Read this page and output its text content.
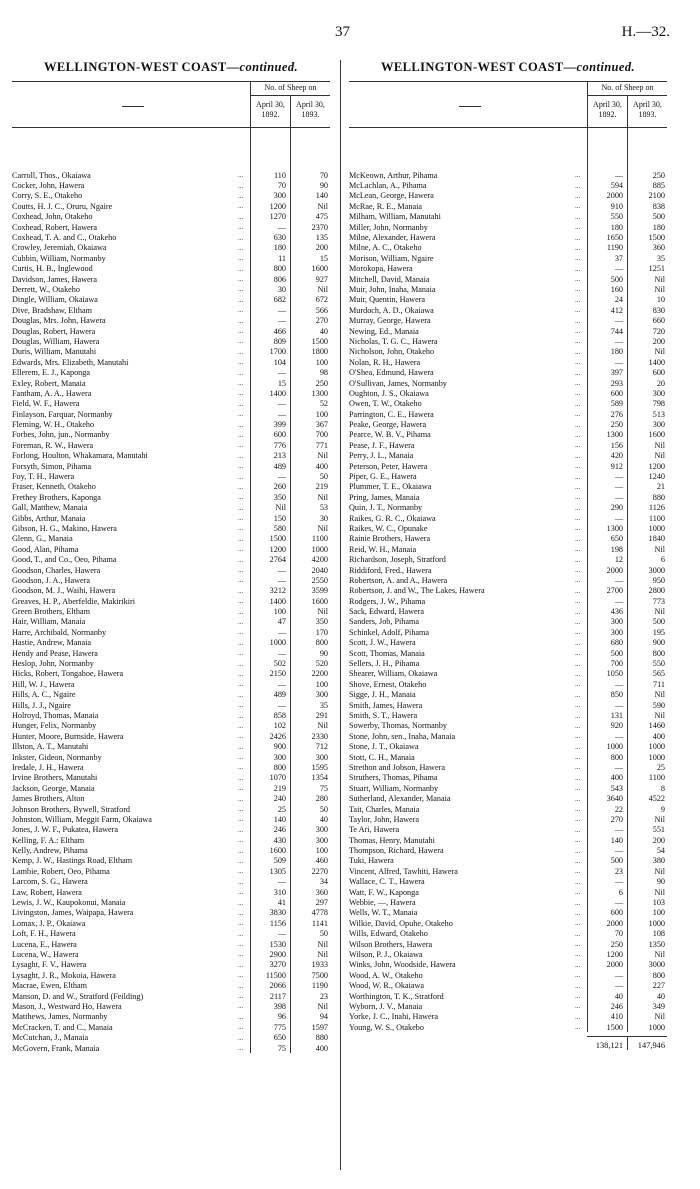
37	H.—32.
WELLINGTON-WEST COAST—continued.
No. of Sheep on
April 30, 1892.
April 30, 1893.
Carroll, Thos., Okaiawa	...	110	70
Cocker, John, Hawera	...	70	90
Corry, S. E., Otakeho	...	300	140
Coutts, H. J. C., Oruru, Ngaire	...	1200	Nil
Coxhead, John, Otakeho	...	1270	475
Coxhead, Robert, Hawera	...	—	2370
Coxhead, T. A. and C., Otakeho	...	630	135
Crowley, Jeremiah, Okaiawa	...	180	200
Cubbin, William, Normanby	...	11	15
Curtis, H. B., Inglewood	...	800	1600
Davidson, James, Hawera	...	806	927
Derrett, W., Otakeho	...	30	Nil
Dingle, William, Okaiawa	...	682	672
Dive, Bradshaw, Eltham	...	—	566
Douglas, Mrs. John, Hawera	...	—	270
Douglas, Robert, Hawera	...	466	40
Douglas, William, Hawera	...	809	1500
Duris, William, Manutahi	...	1700	1800
Edwards, Mrs. Elizabeth, Manutahi	...	104	100
Ellerem, E. J., Kaponga	...	—	98
Exley, Robert, Manaia	...	15	250
Fantham, A. A., Hawera	...	1400	1300
Field, W. F., Hawera	...	—	52
Finlayson, Farquar, Normanby	...	—	100
Fleming, W. H., Otakeho	...	399	367
Forbes, John, jun., Normanby	...	600	700
Foreman, R. W., Hawera	...	776	771
Forlong, Houlton, Whakamara, Manutahi	...	213	Nil
Forsyth, Simon, Pihama	...	489	400
Foy, T. H., Hawera	...	—	50
Fraser, Kenneth, Otakeho	...	260	219
Frethey Brothers, Kaponga	...	350	Nil
Gall, Matthew, Manaia	...	Nil	53
Gibbs, Arthur, Manaia	...	150	30
Gibson, H. G., Makino, Hawera	...	580	Nil
Glenn, G., Manaia	...	1500	1100
Good, Alan, Pihama	...	1200	1000
Good, T., and Co., Oeo, Pihama	...	2764	4200
Goodson, Charles, Hawera	...	—	2040
Goodson, J. A., Hawera	...	—	2550
Goodson, M. J., Waihi, Hawera	...	3212	3599
Greaves, H. P., Aberfeldie, Makirikiri	...	1400	1600
Green Brothers, Eltham	...	100	Nil
Hair, William, Manaia	...	47	350
Harre, Archibald, Normanby	...	—	170
Hastie, Andrew, Manaia	...	1000	800
Hendy and Pease, Hawera	...	—	90
Heslop, John, Normanby	...	502	520
Hicks, Robert, Tongahoe, Hawera	...	2150	2200
Hill, W. J., Hawera	...	—	100
Hills, A. C., Ngaire	...	489	300
Hills, J. J., Ngaire	...	—	35
Holroyd, Thomas, Manaia	...	858	291
Hunger, Felix, Normanby	...	102	Nil
Hunter, Moore, Burnside, Hawera	...	2426	2330
Illston, A. T., Manutahi	...	900	712
Inkster, Gideon, Normanby	...	300	300
Iredale, J. H., Hawera	...	800	1595
Irvine Brothers, Manutahi	...	1070	1354
Jackson, George, Manaia	...	219	75
James Brothers, Alton	...	240	280
Johnson Brothers, Bywell, Stratford	...	25	50
Johnston, William, Meggit Farm, Okaiawa	...	140	40
Jones, J. W. F., Pukatea, Hawera	...	246	300
Kelling, F. A.: Eltham	...	430	300
Kelly, Andrew, Pihama	...	1600	100
Kemp, J. W., Hastings Road, Eltham	...	509	460
Lambie, Robert, Oeo, Pihama	...	1305	2270
Larcom, S. G., Hawera	...	—	34
Law, Robert, Hawera	...	310	360
Lewis, J. W., Kaupokonui, Manaia	...	41	297
Livingston, James, Waipapa, Hawera	...	3830	4778
Lomax, J. P., Okaiawa	...	1156	1141
Loft, F. H., Hawera	...	—	50
Lucena, E., Hawera	...	1530	Nil
Lucena, W., Hawera	...	2900	Nil
Lysaght, F. V., Hawera	...	3270	1933
Lysaght, J. R., Mokoia, Hawera	...	11500	7500
Macrae, Ewen, Eltham	...	2066	1190
Manson, D. and W., Stratford (Feilding)	...	2117	23
Mason, J., Westward Ho, Hawera	...	398	Nil
Matthews, James, Normanby	...	96	94
McCracken, T. and C., Manaia	...	775	1597
McCutchan, J., Manaia	...	650	880
McGovern, Frank, Manaia	...	75	400
WELLINGTON-WEST COAST—continued.
No. of Sheep on
April 30, 1892.
April 30, 1893.
McKeown, Arthur, Pihama	...	—	250
McLachlan, A., Pihama	...	594	885
McLean, George, Hawera	...	2000	2100
McRae, R. E., Manaia	...	910	838
Milham, William, Manutahi	...	550	500
Miller, John, Normanby	...	180	180
Milne, Alexander, Hawera	...	1650	1500
Milne, A. C., Otakeho	...	1190	360
Morison, William, Ngaire	...	37	35
Morokopa, Hawera	...	—	1251
Mitchell, David, Manaia	...	500	Nil
Muir, John, Inaha, Manaia	...	160	Nil
Muir, Quentin, Hawera	...	24	10
Murdoch, A. D., Okaiawa	...	412	830
Murray, George, Hawera	...	—	660
Newing, Ed., Manaia	...	744	720
Nicholas, T. G. C., Hawera	...	—	200
Nicholson, John, Otakeho	...	180	Nil
Nolan, R. H., Hawera	...	—	1400
O'Shea, Edmund, Hawera	...	397	600
O'Sullivan, James, Normanby	...	293	20
Oughton, J. S., Okaiawa	...	600	300
Owen, T. W., Otakeho	...	589	798
Parrington, C. E., Hawera	...	276	513
Peake, George, Hawera	...	250	300
Pearce, W. B. V., Pihama	...	1300	1600
Pease, J. F., Hawera	...	156	Nil
Perry, J. L., Manaia	...	420	Nil
Peterson, Peter, Hawera	...	912	1200
Piper, G. E., Hawera	...	—	1240
Plummer, T. E., Okaiawa	...	—	21
Pring, James, Manaia	...	—	880
Quin, J. T., Normanby	...	290	1126
Raikes, G. R. C., Okaiawa	...	—	1100
Raikes, W. C., Opunake	...	1300	1000
Rainie Brothers, Hawera	...	650	1840
Reid, W. H., Manaia	...	198	Nil
Richardson, Joseph, Stratford	...	12	6
Riddiford, Fred., Hawera	...	2000	3000
Robertson, A. and A., Hawera	...	—	950
Robertson, J. and W., The Lakes, Hawera	...	2700	2800
Rodgers, J. W., Pihama	...	—	773
Sack, Edward, Hawera	...	436	Nil
Sanders, Job, Pihama	...	300	500
Schinkel, Adolf, Pihama	...	300	195
Scott, J. W., Hawera	...	680	900
Scott, Thomas, Manaia	...	500	800
Sellers, J. H., Pihama	...	700	550
Shearer, William, Okaiawa	...	1050	565
Shove, Ernest, Otakeho	...	—	711
Sigge, J. H., Manaia	...	850	Nil
Smith, James, Hawera	...	—	590
Smith, S. T., Hawera	...	131	Nil
Sowerby, Thomas, Normanby	...	920	1460
Stone, John, sen., Inaha, Manaia	...	—	400
Stone, J. T., Okaiawa	...	1000	1000
Stott, C. H., Manaia	...	800	1000
Strethon and Jobson, Hawera	...	—	25
Struthers, Thomas, Pihama	...	400	1100
Stuart, William, Normanby	...	543	8
Sutherland, Alexander, Manaia	...	3640	4522
Tait, Charles, Manaia	...	22	9
Taylor, John, Hawera	...	270	Nil
Te Ari, Hawera	...	—	551
Thomas, Henry, Manutahi	...	140	200
Thompson, Richard, Hawera	...	—	54
Tuki, Hawera	...	500	380
Vincent, Alfred, Tawhiti, Hawera	...	23	Nil
Wallace, C. T., Hawera	...	—	90
Watt, F. W., Kaponga	...	6	Nil
Webbie, —, Hawera	...	—	103
Wells, W. T., Manaia	...	600	100
Wilkie, David, Opuhe, Otakeho	...	2000	1000
Wills, Edward, Otakeho	...	70	108
Wilson Brothers, Hawera	...	250	1350
Wilson, P. J., Okaiawa	...	1200	Nil
Winks, John, Woodside, Hawera	...	2000	3000
Wood, A. W., Otakeho	...	—	800
Wood, W. R., Okaiawa	...	—	227
Worthington, T. K., Stratford	...	40	40
Wyborn, J. V., Manaia	...	246	349
Yorke, J. C., Inahi, Hawera	...	410	Nil
Young, W. S., Otakebo	...	1500	1000
138,121	147,946
